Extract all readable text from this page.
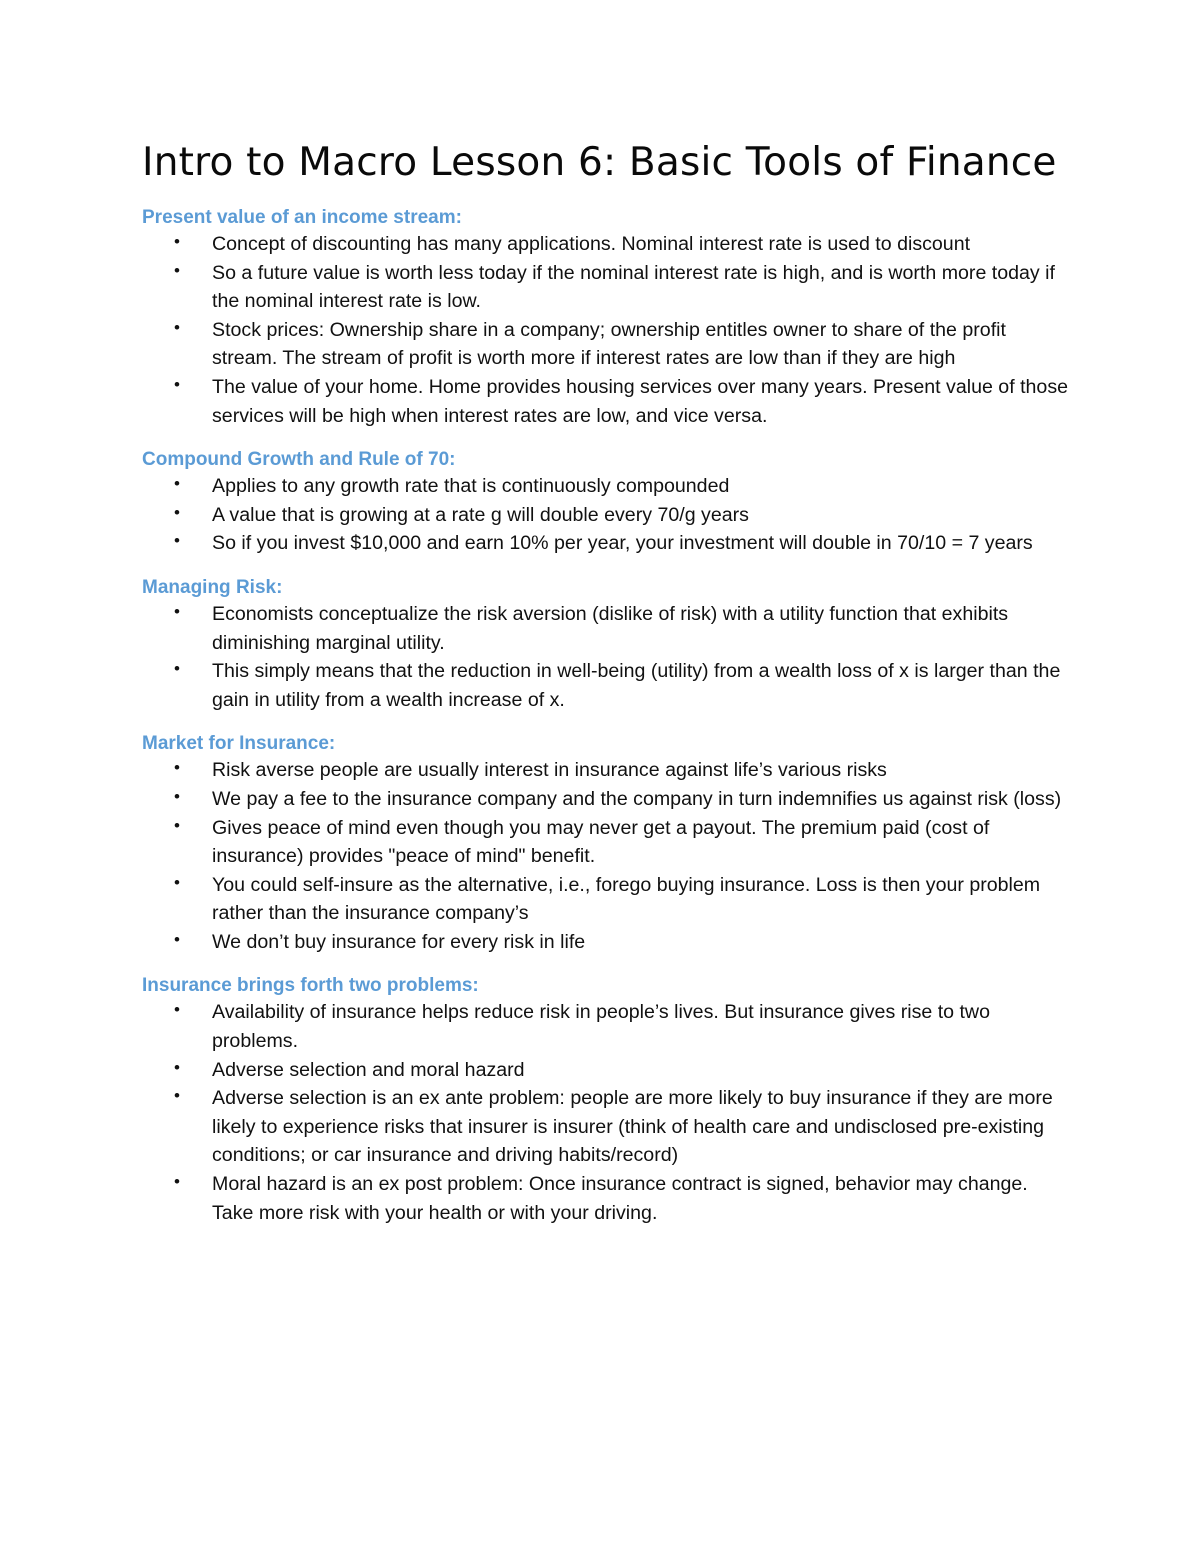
Intro to Macro Lesson 6: Basic Tools of Finance
Present value of an income stream:
• Concept of discounting has many applications. Nominal interest rate is used to discount
• So a future value is worth less today if the nominal interest rate is high, and is worth more today if the nominal interest rate is low.
• Stock prices: Ownership share in a company; ownership entitles owner to share of the profit stream. The stream of profit is worth more if interest rates are low than if they are high
• The value of your home. Home provides housing services over many years. Present value of those services will be high when interest rates are low, and vice versa.
Compound Growth and Rule of 70:
• Applies to any growth rate that is continuously compounded
• A value that is growing at a rate g will double every 70/g years
• So if you invest $10,000 and earn 10% per year, your investment will double in 70/10 = 7 years
Managing Risk:
• Economists conceptualize the risk aversion (dislike of risk) with a utility function that exhibits diminishing marginal utility.
• This simply means that the reduction in well-being (utility) from a wealth loss of x is larger than the gain in utility from a wealth increase of x.
Market for Insurance:
• Risk averse people are usually interest in insurance against life’s various risks
• We pay a fee to the insurance company and the company in turn indemnifies us against risk (loss)
• Gives peace of mind even though you may never get a payout. The premium paid (cost of insurance) provides "peace of mind" benefit.
• You could self-insure as the alternative, i.e., forego buying insurance. Loss is then your problem rather than the insurance company’s
• We don’t buy insurance for every risk in life
Insurance brings forth two problems:
• Availability of insurance helps reduce risk in people’s lives. But insurance gives rise to two problems.
• Adverse selection and moral hazard
• Adverse selection is an ex ante problem: people are more likely to buy insurance if they are more likely to experience risks that insurer is insurer (think of health care and undisclosed pre-existing conditions; or car insurance and driving habits/record)
• Moral hazard is an ex post problem: Once insurance contract is signed, behavior may change. Take more risk with your health or with your driving.
